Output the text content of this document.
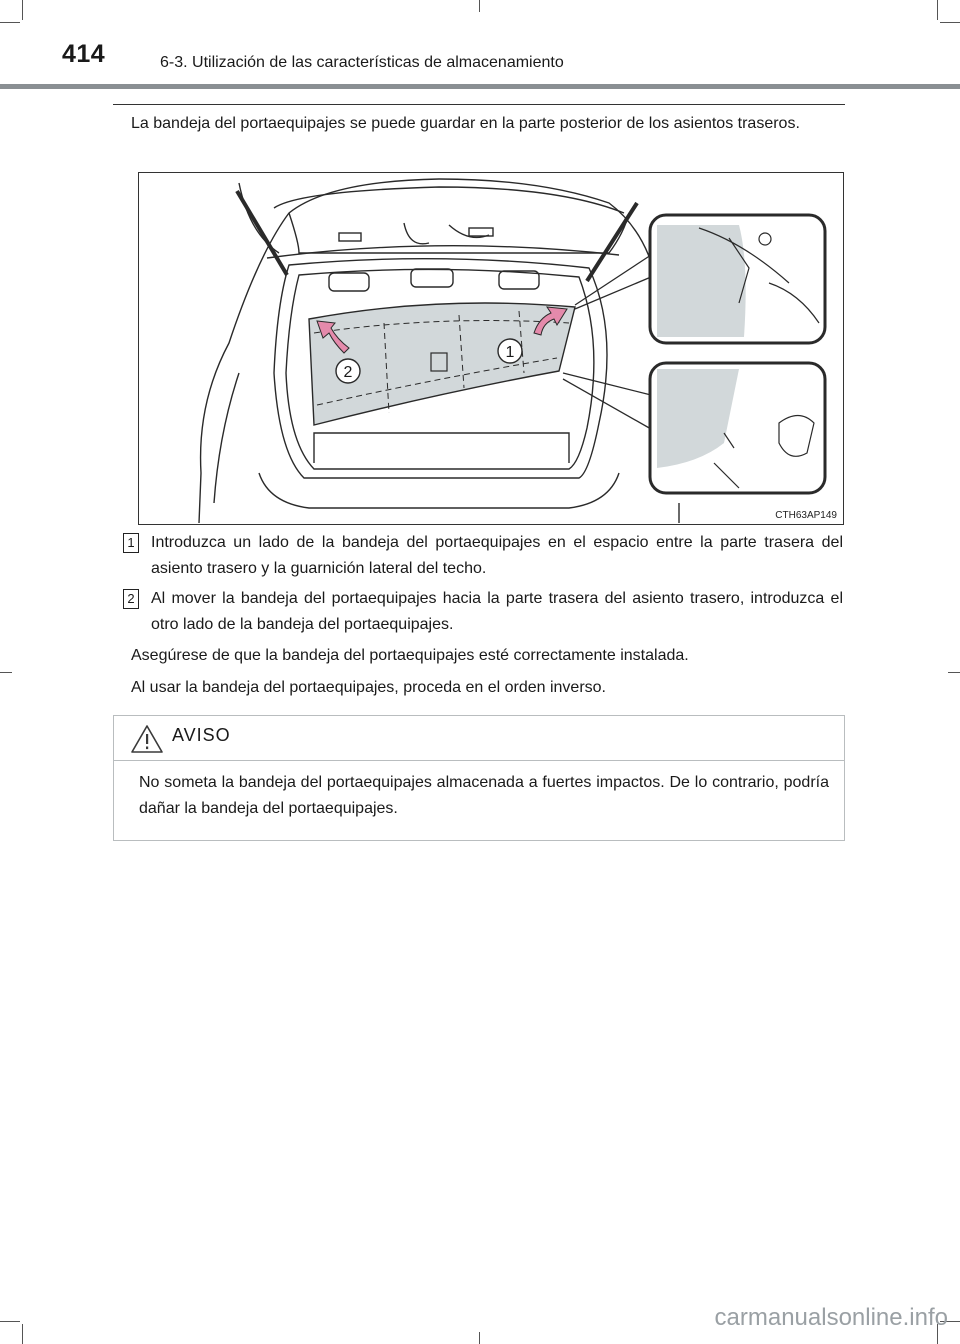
414	6-3. Utilización de las características de almacenamiento
La bandeja del portaequipajes se puede guardar en la parte posterior de los asientos traseros.
1
2
CTH63AP149
1 Introduzca un lado de la bandeja del portaequipajes en el espacio entre la parte trasera del asiento trasero y la guarnición lateral del techo.
2 Al mover la bandeja del portaequipajes hacia la parte trasera del asiento trasero, introduzca el otro lado de la bandeja del portaequipajes.
Asegúrese de que la bandeja del portaequipajes esté correctamente instalada.
Al usar la bandeja del portaequipajes, proceda en el orden inverso.
AVISO
No someta la bandeja del portaequipajes almacenada a fuertes impactos. De lo contrario, podría dañar la bandeja del portaequipajes.
carmanualsonline.info
